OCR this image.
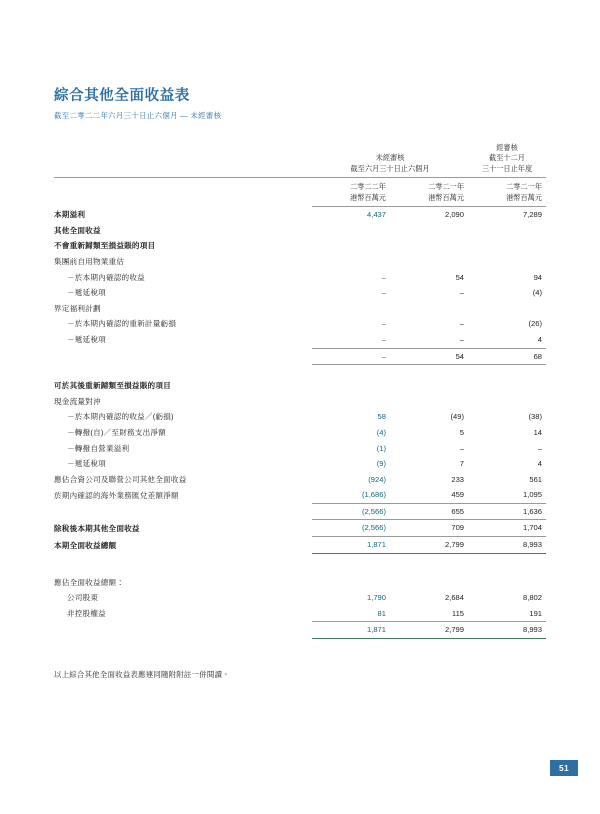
綜合其他全面收益表
截至二零二二年六月三十日止六個月 — 未經審核

未經審核
截至六月三十日止六個月

經審核
截至十二月
三十一日止年度

二零二二年
港幣百萬元

二零二一年
港幣百萬元

二零二一年
港幣百萬元

本期溢利	4,437	2,090	7,289
其他全面收益			
不會重新歸類至損益賬的項目			
集團前自用物業重估			
－於本期內確認的收益	–	54	94
－遞延稅項	–	–	(4)
界定福利計劃			
－於本期內確認的重新計量虧損	–	–	(26)
－遞延稅項	–	–	4
	–	54	68

可於其後重新歸類至損益賬的項目			
現金流量對沖			
－於本期內確認的收益／(虧損)	58	(49)	(38)
－轉撥(自)／至財務支出淨額	(4)	5	14
－轉撥自營業溢利	(1)	–	–
－遞延稅項	(9)	7	4
應佔合資公司及聯營公司其他全面收益	(924)	233	561
於期內確認的海外業務匯兌差額淨額	(1,686)	459	1,095
	(2,566)	655	1,636
除稅後本期其他全面收益	(2,566)	709	1,704
本期全面收益總額	1,871	2,799	8,993

應佔全面收益總額：			
公司股東	1,790	2,684	8,802
非控股權益	81	115	191
	1,871	2,799	8,993
以上綜合其他全面收益表應連同隨附附註一併閱讀。
51
